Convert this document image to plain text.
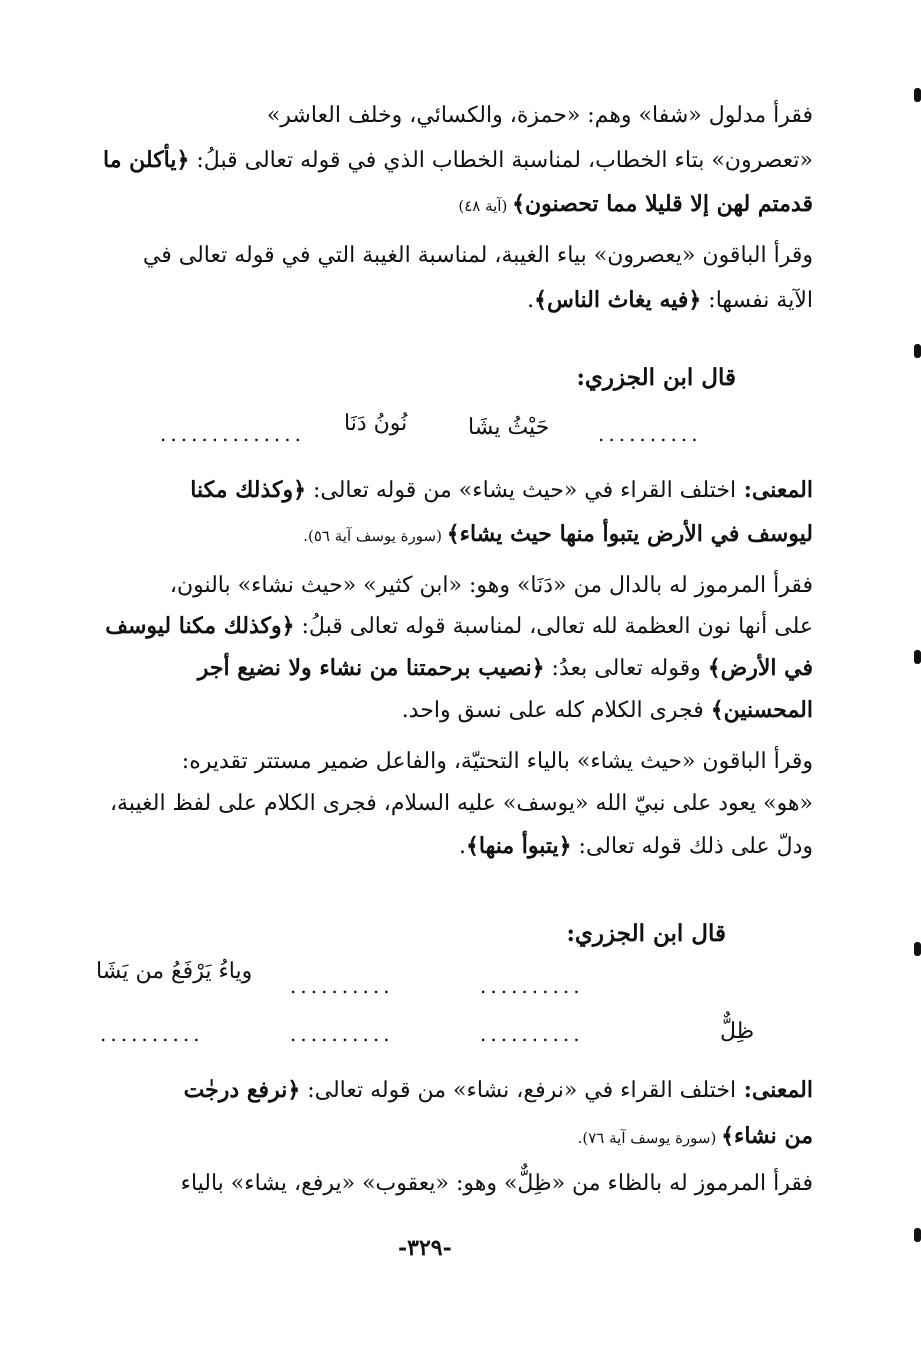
فقرأ مدلول «شفا» وهم: «حمزة، والكسائي، وخلف العاشر»
«تعصرون» بتاء الخطاب، لمناسبة الخطاب الذي في قوله تعالى قبلُ: ﴿يأكلن ما
قدمتم لهن إلا قليلا مما تحصنون﴾ (آية ٤٨)
وقرأ الباقون «يعصرون» بياء الغيبة، لمناسبة الغيبة التي في قوله تعالى في
الآية نفسها: ﴿فيه يغاث الناس﴾.
قال ابن الجزري:
..........
حَيْثُ يشَا
نُونُ دَنَا
..............
المعنى: اختلف القراء في «حيث يشاء» من قوله تعالى: ﴿وكذلك مكنا
ليوسف في الأرض يتبوأ منها حيث يشاء﴾ (سورة يوسف آية ٥٦).
فقرأ المرموز له بالدال من «دَنَا» وهو: «ابن كثير» «حيث نشاء» بالنون،
على أنها نون العظمة لله تعالى، لمناسبة قوله تعالى قبلُ: ﴿وكذلك مكنا ليوسف
في الأرض﴾ وقوله تعالى بعدُ: ﴿نصيب برحمتنا من نشاء ولا نضيع أجر
المحسنين﴾ فجرى الكلام كله على نسق واحد.
وقرأ الباقون «حيث يشاء» بالياء التحتيّة، والفاعل ضمير مستتر تقديره:
«هو» يعود على نبيّ الله «يوسف» عليه السلام، فجرى الكلام على لفظ الغيبة،
ودلّ على ذلك قوله تعالى: ﴿يتبوأ منها﴾.
قال ابن الجزري:
..........
..........
وياءُ يَرْفَعُ من يَشَا
ظِلٌّ
..........
..........
..........
المعنى: اختلف القراء في «نرفع، نشاء» من قوله تعالى: ﴿نرفع درجٰت
من نشاء﴾ (سورة يوسف آية ٧٦).
فقرأ المرموز له بالظاء من «ظِلٌّ» وهو: «يعقوب» «يرفع، يشاء» بالياء
-٣٢٩-
